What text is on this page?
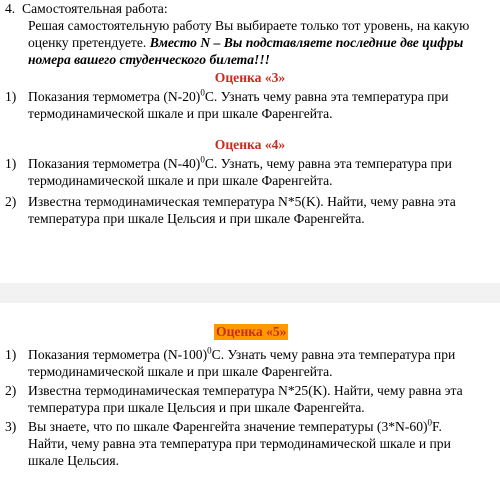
4. Самостоятельная работа:
Решая самостоятельную работу Вы выбираете только тот уровень, на какую
оценку претендуете. Вместо N – Вы подставляете последние две цифры
номера вашего студенческого билета!!!
Оценка «3»
1) Показания термометра $(N-20)^0С$. Узнать чему равна эта температура при
термодинамической шкале и при шкале Фаренгейта.
Оценка «4»
1) Показания термометра $(N-40)^0С$. Узнать, чему равна эта температура при
термодинамической шкале и при шкале Фаренгейта.
2) Известна термодинамическая температура N*5(K). Найти, чему равна эта
температура при шкале Цельсия и при шкале Фаренгейта.
Оценка «5»
1) Показания термометра $(N-100)^0С$. Узнать чему равна эта температура при
термодинамической шкале и при шкале Фаренгейта.
2) Известна термодинамическая температура N*25(K). Найти, чему равна эта
температура при шкале Цельсия и при шкале Фаренгейта.
3) Вы знаете, что по шкале Фаренгейта значение температуры $(3*N-60)^0F$.
Найти, чему равна эта температура при термодинамической шкале и при
шкале Цельсия.
